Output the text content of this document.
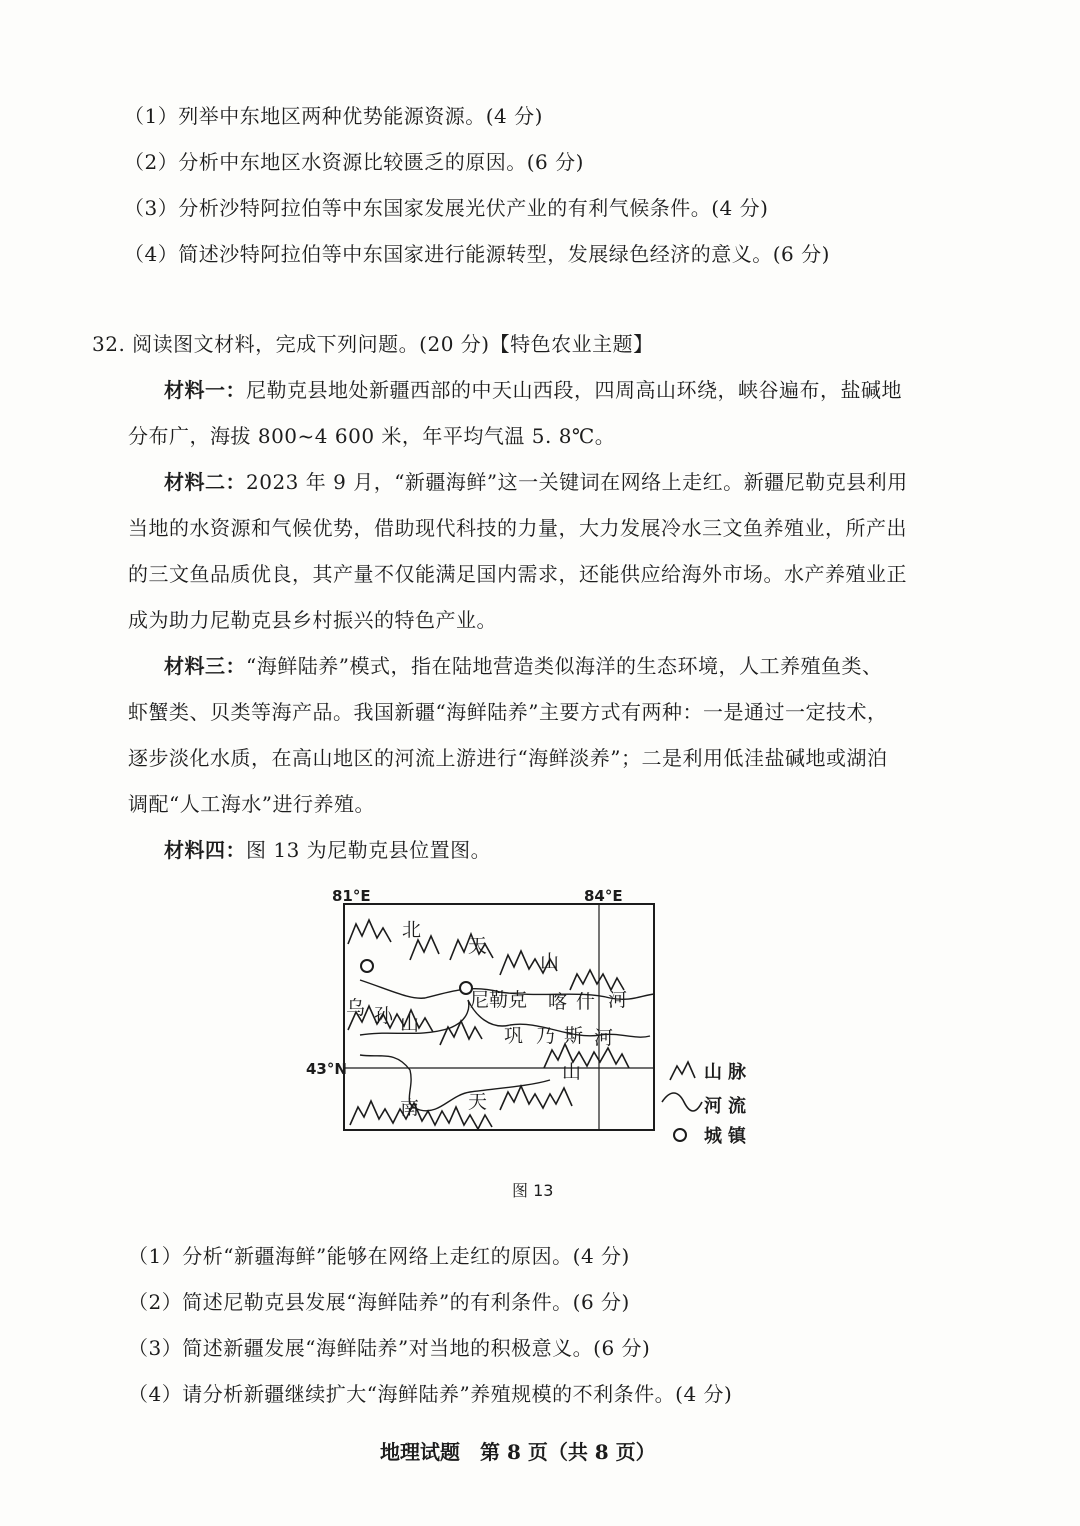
（1）列举中东地区两种优势能源资源。(4 分)
（2）分析中东地区水资源比较匮乏的原因。(6 分)
（3）分析沙特阿拉伯等中东国家发展光伏产业的有利气候条件。(4 分)
（4）简述沙特阿拉伯等中东国家进行能源转型，发展绿色经济的意义。(6 分)
32. 阅读图文材料，完成下列问题。(20 分)【特色农业主题】
材料一：尼勒克县地处新疆西部的中天山西段，四周高山环绕，峡谷遍布，盐碱地
分布广，海拔 800~4 600 米，年平均气温 5. 8℃。
材料二：2023 年 9 月，“新疆海鲜”这一关键词在网络上走红。新疆尼勒克县利用
当地的水资源和气候优势，借助现代科技的力量，大力发展冷水三文鱼养殖业，所产出
的三文鱼品质优良，其产量不仅能满足国内需求，还能供应给海外市场。水产养殖业正
成为助力尼勒克县乡村振兴的特色产业。
材料三：“海鲜陆养”模式，指在陆地营造类似海洋的生态环境，人工养殖鱼类、
虾蟹类、贝类等海产品。我国新疆“海鲜陆养”主要方式有两种：一是通过一定技术，
逐步淡化水质，在高山地区的河流上游进行“海鲜淡养”；二是利用低洼盐碱地或湖泊
调配“人工海水”进行养殖。
材料四：图 13 为尼勒克县位置图。
81°E	84°E
43°N
北
天
山
乌 孙 山
尼勒克 喀 什 河
巩 乃 斯 河
山
天
南
山脉
河流
城镇
图 13
（1）分析“新疆海鲜”能够在网络上走红的原因。(4 分)
（2）简述尼勒克县发展“海鲜陆养”的有利条件。(6 分)
（3）简述新疆发展“海鲜陆养”对当地的积极意义。(6 分)
（4）请分析新疆继续扩大“海鲜陆养”养殖规模的不利条件。(4 分)
地理试题　第 8 页（共 8 页）
